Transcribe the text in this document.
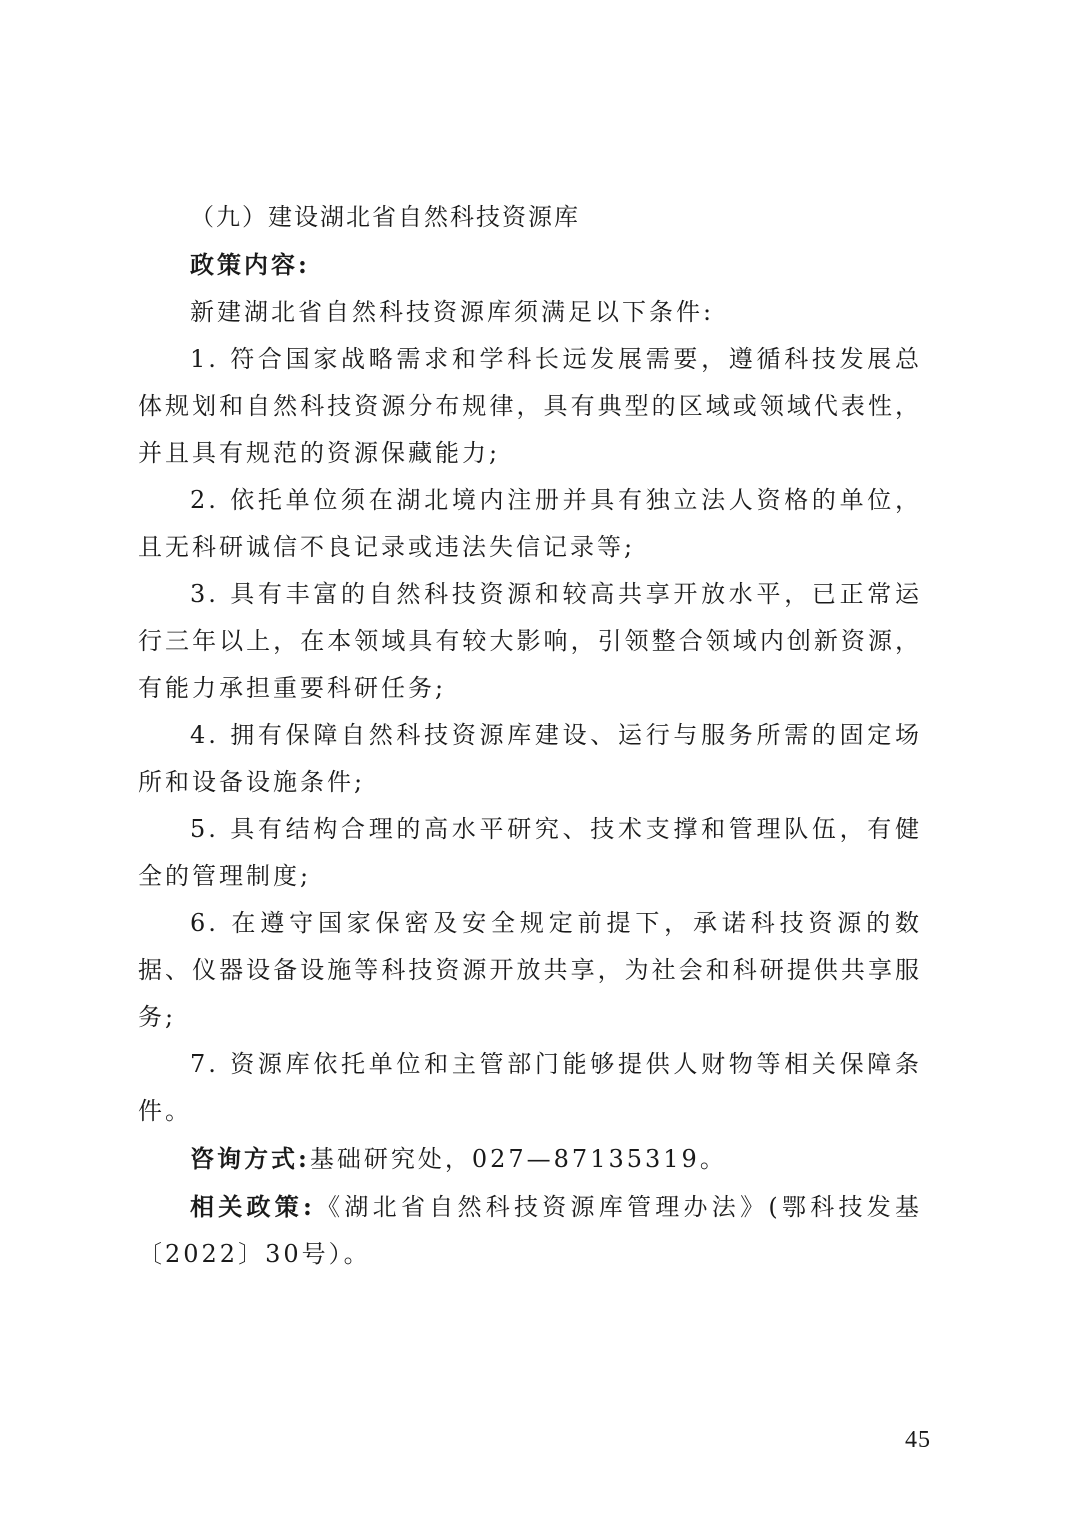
（九）建设湖北省自然科技资源库

政策内容:

新建湖北省自然科技资源库须满足以下条件:

1. 符合国家战略需求和学科长远发展需要，遵循科技发展总体规划和自然科技资源分布规律，具有典型的区域或领域代表性，并且具有规范的资源保藏能力;

2. 依托单位须在湖北境内注册并具有独立法人资格的单位，且无科研诚信不良记录或违法失信记录等;

3. 具有丰富的自然科技资源和较高共享开放水平，已正常运行三年以上，在本领域具有较大影响，引领整合领域内创新资源，有能力承担重要科研任务;

4. 拥有保障自然科技资源库建设、运行与服务所需的固定场所和设备设施条件;

5. 具有结构合理的高水平研究、技术支撑和管理队伍，有健全的管理制度;

6. 在遵守国家保密及安全规定前提下，承诺科技资源的数据、仪器设备设施等科技资源开放共享，为社会和科研提供共享服务;

7. 资源库依托单位和主管部门能够提供人财物等相关保障条件。

咨询方式:基础研究处，027—87135319。

相关政策:《湖北省自然科技资源库管理办法》(鄂科技发基〔2022〕30号）。

45
